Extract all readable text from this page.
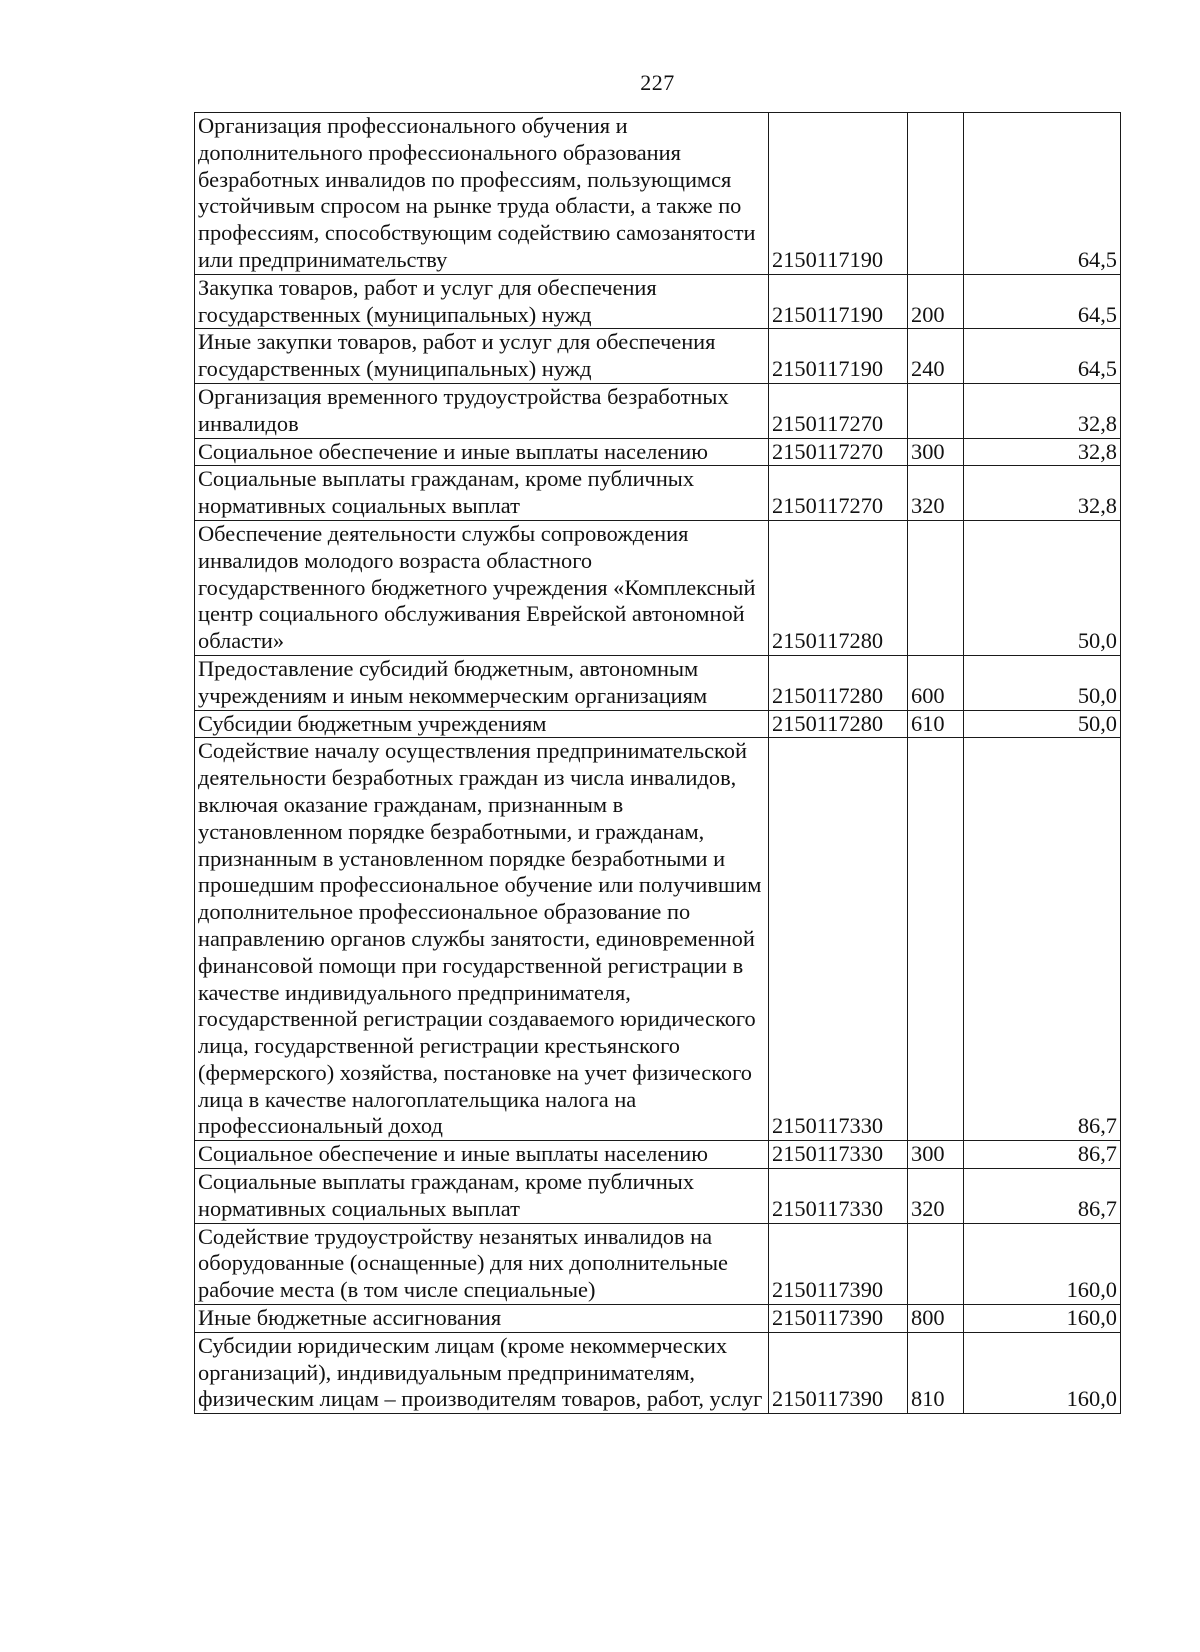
227
Организация профессионального обучения и дополнительного профессионального образования безработных инвалидов по профессиям, пользующимся устойчивым спросом на рынке труда области, а также по профессиям, способствующим содействию самозанятости или предпринимательству	2150117190		64,5
Закупка товаров, работ и услуг для обеспечения государственных (муниципальных) нужд	2150117190	200	64,5
Иные закупки товаров, работ и услуг для обеспечения государственных (муниципальных) нужд	2150117190	240	64,5
Организация временного трудоустройства безработных инвалидов	2150117270		32,8
Социальное обеспечение и иные выплаты населению	2150117270	300	32,8
Социальные выплаты гражданам, кроме публичных нормативных социальных выплат	2150117270	320	32,8
Обеспечение деятельности службы сопровождения инвалидов молодого возраста областного государственного бюджетного учреждения «Комплексный центр социального обслуживания Еврейской автономной области»	2150117280		50,0
Предоставление субсидий бюджетным, автономным учреждениям и иным некоммерческим организациям	2150117280	600	50,0
Субсидии бюджетным учреждениям	2150117280	610	50,0
Содействие началу осуществления предпринимательской деятельности безработных граждан из числа инвалидов, включая оказание гражданам, признанным в установленном порядке безработными, и гражданам, признанным в установленном порядке безработными и прошедшим профессиональное обучение или получившим дополнительное профессиональное образование по направлению органов службы занятости, единовременной финансовой помощи при государственной регистрации в качестве индивидуального предпринимателя, государственной регистрации создаваемого юридического лица, государственной регистрации крестьянского (фермерского) хозяйства, постановке на учет физического лица в качестве налогоплательщика налога на профессиональный доход	2150117330		86,7
Социальное обеспечение и иные выплаты населению	2150117330	300	86,7
Социальные выплаты гражданам, кроме публичных нормативных социальных выплат	2150117330	320	86,7
Содействие трудоустройству незанятых инвалидов на оборудованные (оснащенные) для них дополнительные рабочие места (в том числе специальные)	2150117390		160,0
Иные бюджетные ассигнования	2150117390	800	160,0
Субсидии юридическим лицам (кроме некоммерческих организаций), индивидуальным предпринимателям, физическим лицам – производителям товаров, работ, услуг	2150117390	810	160,0
